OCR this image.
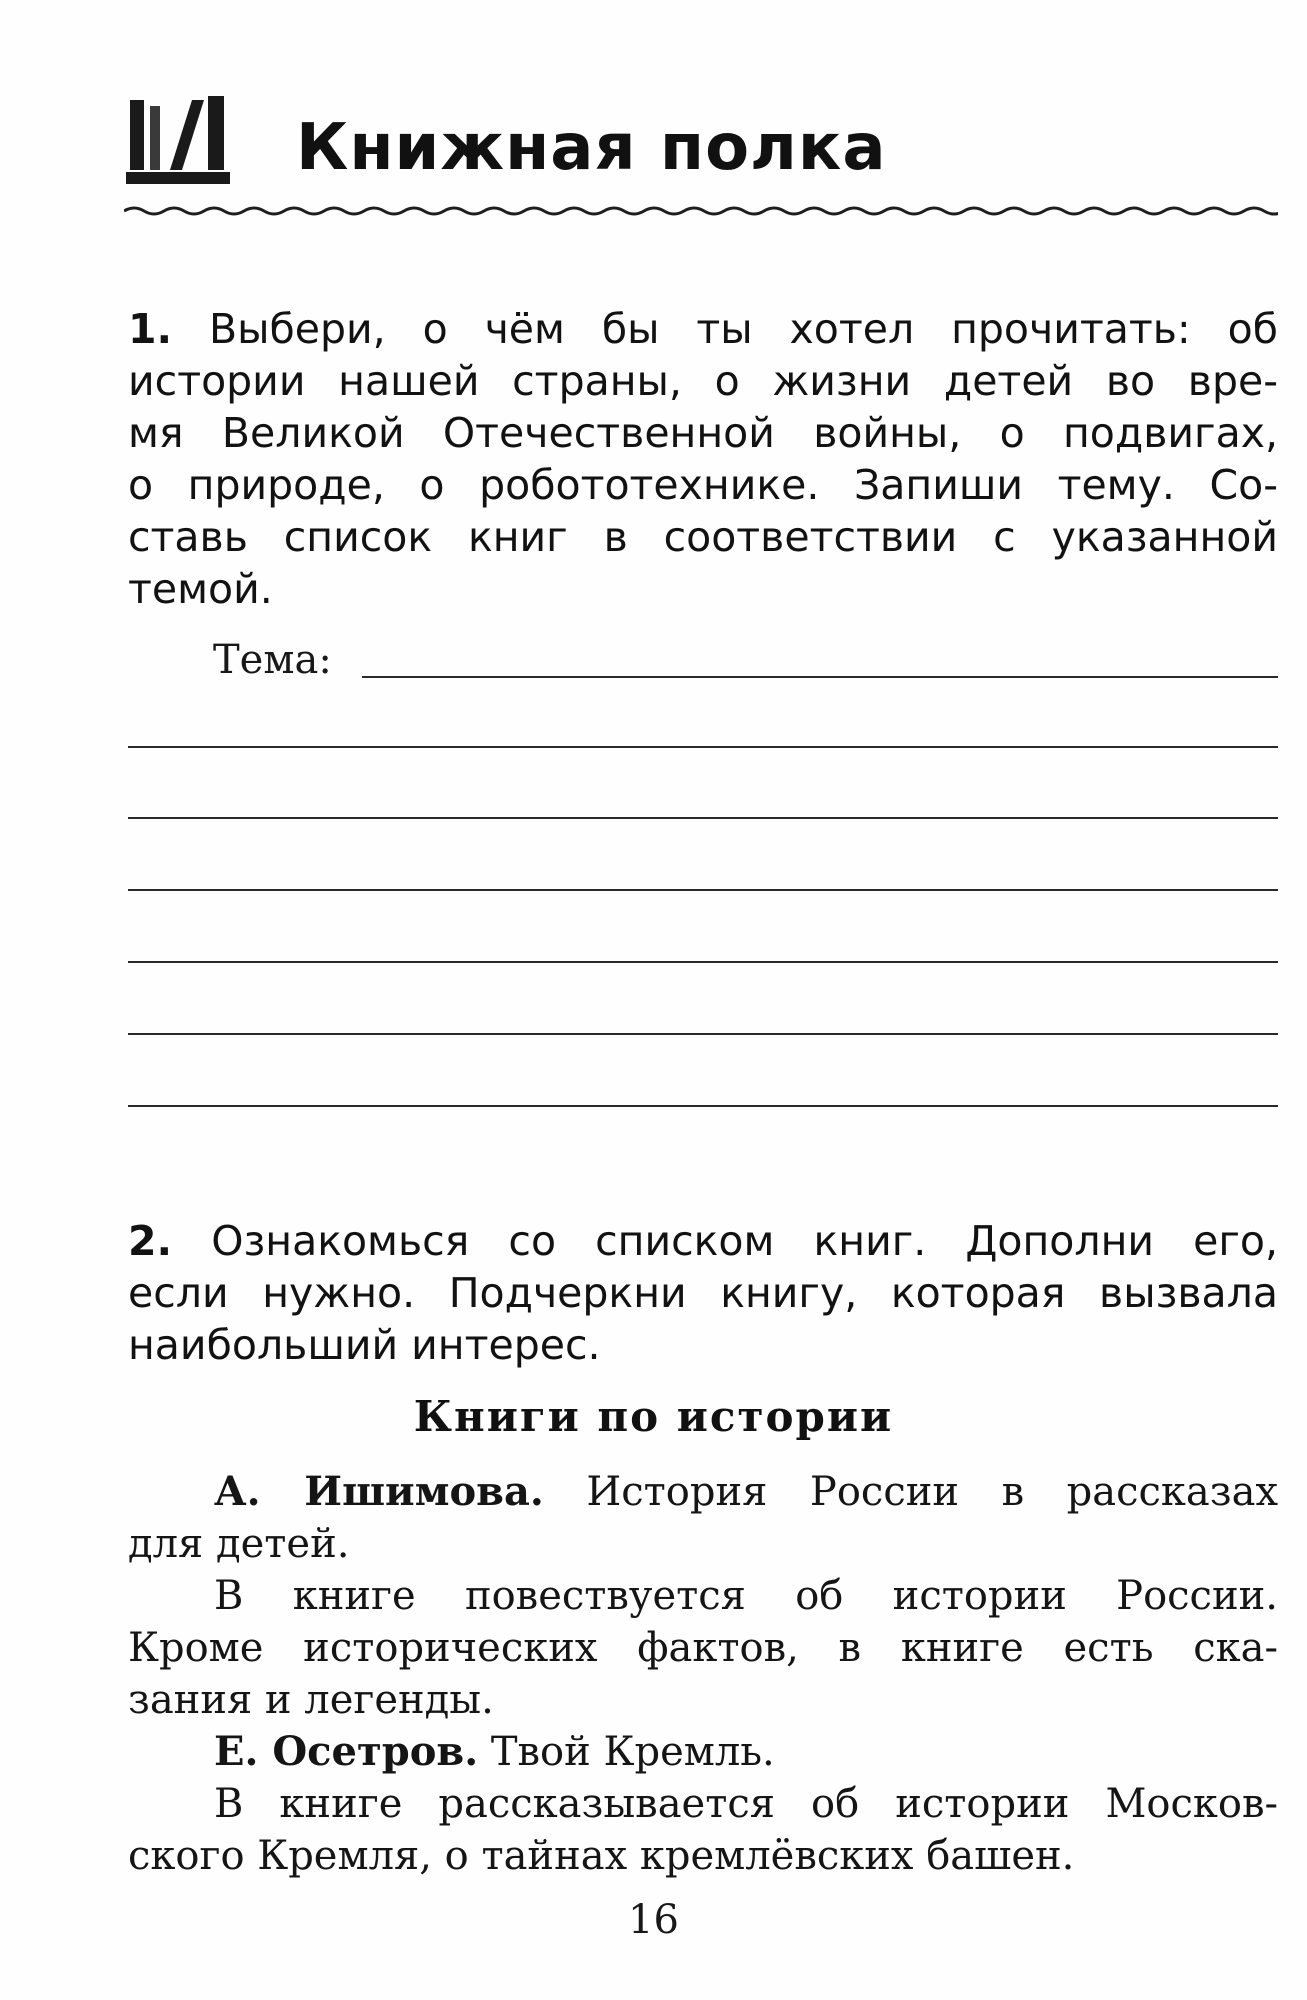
Книжная полка
1. Выбери, о чём бы ты хотел прочитать: об
истории нашей страны, о жизни детей во вре-
мя Великой Отечественной войны, о подвигах,
о природе, о робототехнике. Запиши тему. Со-
ставь список книг в соответствии с указанной
темой.
Тема:
2. Ознакомься со списком книг. Дополни его,
если нужно. Подчеркни книгу, которая вызвала
наибольший интерес.
Книги по истории
А. Ишимова. История России в рассказах
для детей.
В книге повествуется об истории России.
Кроме исторических фактов, в книге есть ска-
зания и легенды.
Е. Осетров. Твой Кремль.
В книге рассказывается об истории Москов-
ского Кремля, о тайнах кремлёвских башен.
16
